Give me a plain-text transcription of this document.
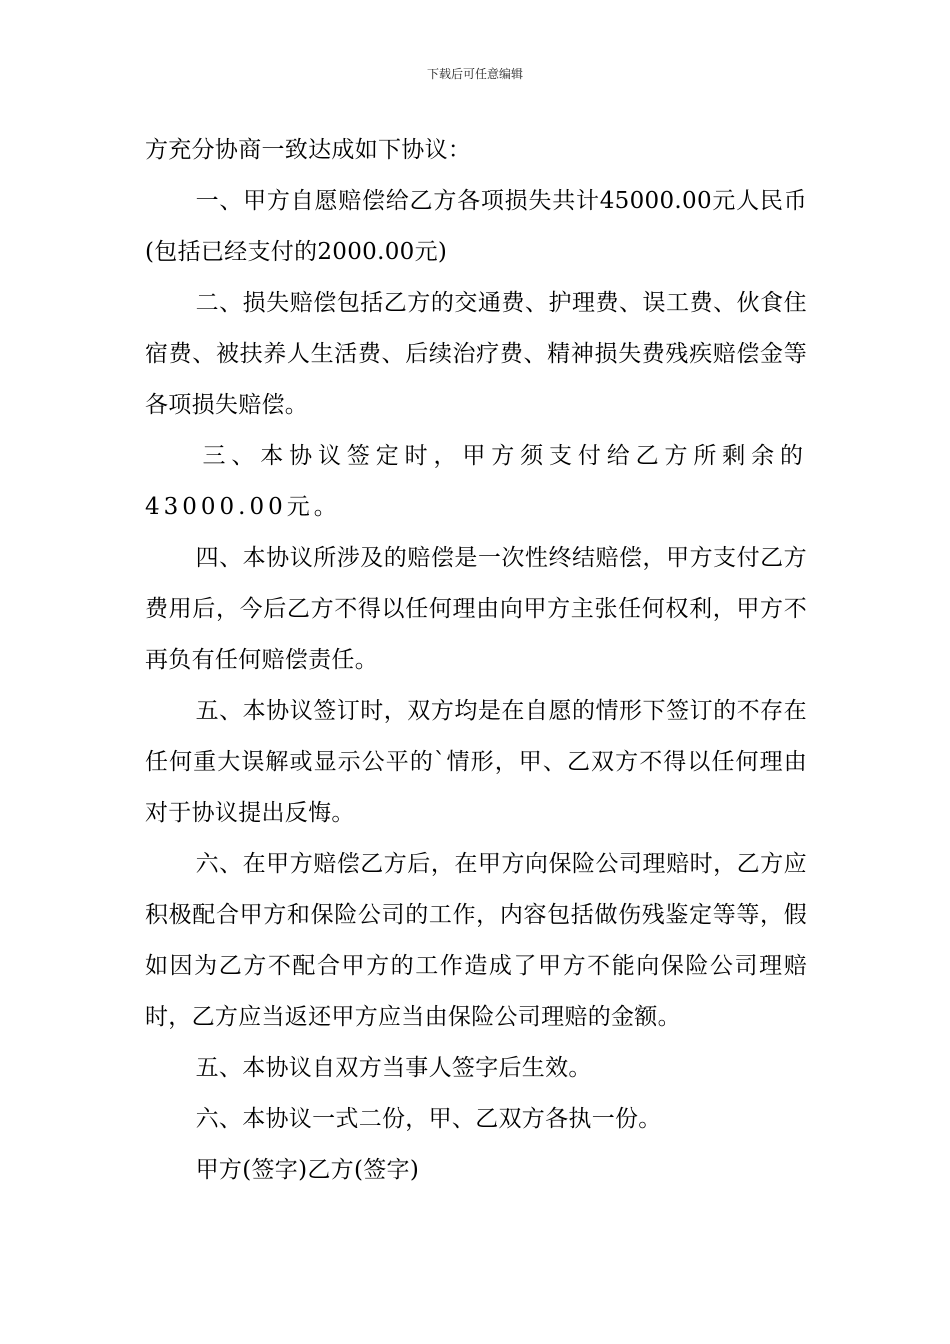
下载后可任意编辑

方充分协商一致达成如下协议：

一、甲方自愿赔偿给乙方各项损失共计45000.00元人民币(包括已经支付的2000.00元)

二、损失赔偿包括乙方的交通费、护理费、误工费、伙食住宿费、被扶养人生活费、后续治疗费、精神损失费残疾赔偿金等各项损失赔偿。

三、本协议签定时，甲方须支付给乙方所剩余的43000.00元。

四、本协议所涉及的赔偿是一次性终结赔偿，甲方支付乙方费用后，今后乙方不得以任何理由向甲方主张任何权利，甲方不再负有任何赔偿责任。

五、本协议签订时，双方均是在自愿的情形下签订的不存在任何重大误解或显示公平的`情形，甲、乙双方不得以任何理由对于协议提出反悔。

六、在甲方赔偿乙方后，在甲方向保险公司理赔时，乙方应积极配合甲方和保险公司的工作，内容包括做伤残鉴定等等，假如因为乙方不配合甲方的工作造成了甲方不能向保险公司理赔时，乙方应当返还甲方应当由保险公司理赔的金额。

五、本协议自双方当事人签字后生效。

六、本协议一式二份，甲、乙双方各执一份。

甲方(签字)乙方(签字)
